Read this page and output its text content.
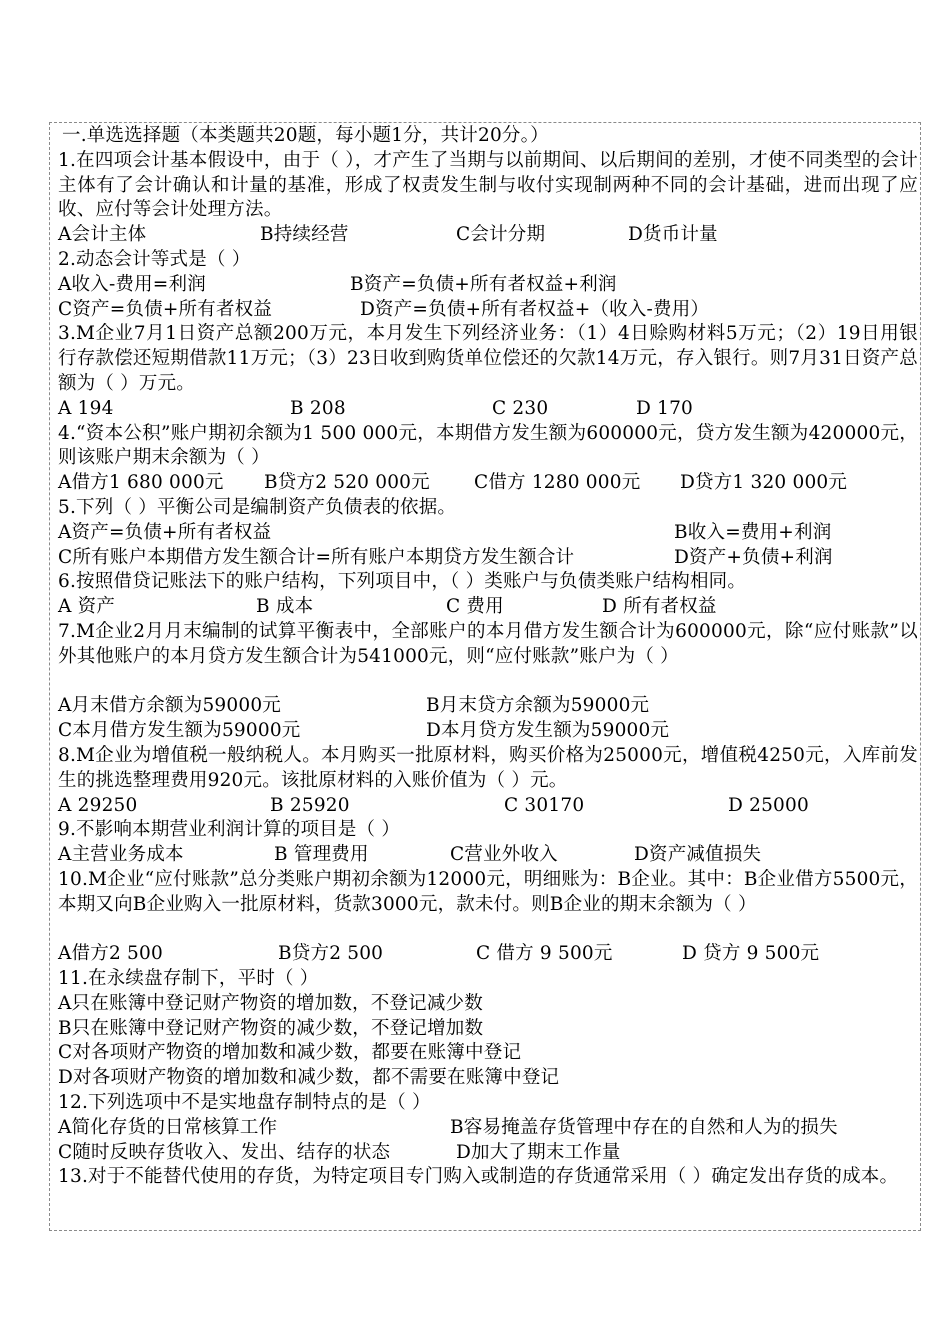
一.单选选择题（本类题共20题，每小题1分，共计20分。）
1.在四项会计基本假设中，由于（ ），才产生了当期与以前期间、以后期间的差别，才使不同类型的会计主体有了会计确认和计量的基准，形成了权责发生制与收付实现制两种不同的会计基础，进而出现了应收、应付等会计处理方法。
A会计主体	B持续经营	C会计分期	D货币计量
2.动态会计等式是（ ）
A收入-费用=利润	B资产=负债+所有者权益+利润
C资产=负债+所有者权益	D资产=负债+所有者权益+（收入-费用）
3.M企业7月1日资产总额200万元，本月发生下列经济业务：（1）4日赊购材料5万元；（2）19日用银行存款偿还短期借款11万元；（3）23日收到购货单位偿还的欠款14万元，存入银行。则7月31日资产总额为（ ）万元。
A 194	B 208	C 230	D 170
4.“资本公积”账户期初余额为1 500 000元，本期借方发生额为600000元，贷方发生额为420000元，则该账户期末余额为（ ）
A借方1 680 000元	B贷方2 520 000元	C借方 1280 000元	D贷方1 320 000元
5.下列（ ）平衡公司是编制资产负债表的依据。
A资产=负债+所有者权益	B收入=费用+利润
C所有账户本期借方发生额合计=所有账户本期贷方发生额合计	D资产+负债+利润
6.按照借贷记账法下的账户结构，下列项目中，（ ）类账户与负债类账户结构相同。
A 资产	B 成本	C 费用	D 所有者权益
7.M企业2月月末编制的试算平衡表中，全部账户的本月借方发生额合计为600000元，除“应付账款”以外其他账户的本月贷方发生额合计为541000元，则“应付账款”账户为（ ）
A月末借方余额为59000元	B月末贷方余额为59000元
C本月借方发生额为59000元	D本月贷方发生额为59000元
8.M企业为增值税一般纳税人。本月购买一批原材料，购买价格为25000元，增值税4250元，入库前发生的挑选整理费用920元。该批原材料的入账价值为（ ）元。
A 29250	B 25920	C 30170	D 25000
9.不影响本期营业利润计算的项目是（ ）
A主营业务成本	B 管理费用	C营业外收入	D资产减值损失
10.M企业“应付账款”总分类账户期初余额为12000元，明细账为：B企业。其中：B企业借方5500元，本期又向B企业购入一批原材料，货款3000元，款未付。则B企业的期末余额为（ ）
A借方2 500	B贷方2 500	C 借方 9 500元	D 贷方 9 500元
11.在永续盘存制下，平时（ ）
A只在账簿中登记财产物资的增加数，不登记减少数
B只在账簿中登记财产物资的减少数，不登记增加数
C对各项财产物资的增加数和减少数，都要在账簿中登记
D对各项财产物资的增加数和减少数，都不需要在账簿中登记
12.下列选项中不是实地盘存制特点的是（ ）
A简化存货的日常核算工作	B容易掩盖存货管理中存在的自然和人为的损失
C随时反映存货收入、发出、结存的状态	D加大了期末工作量
13.对于不能替代使用的存货，为特定项目专门购入或制造的存货通常采用（ ）确定发出存货的成本。
